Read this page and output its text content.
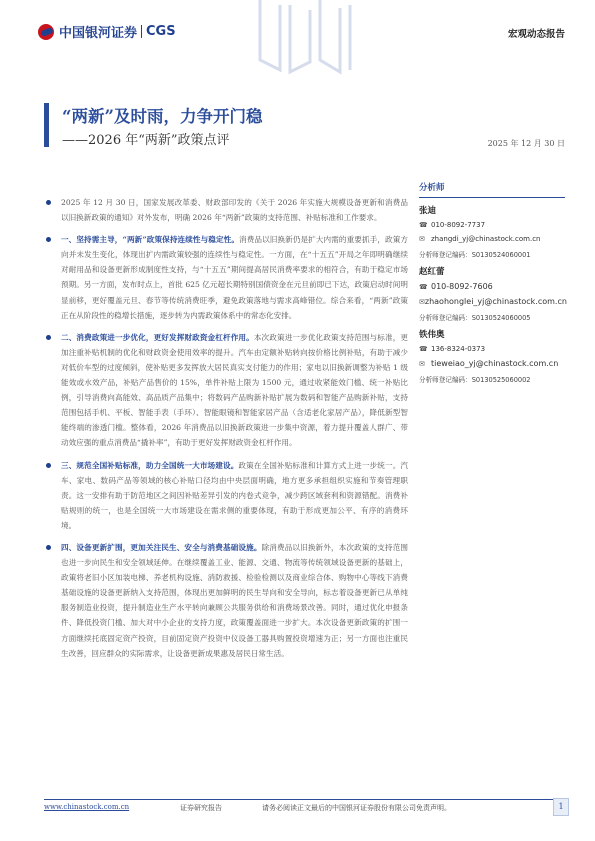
中国银河证券 CGS	宏观动态报告
“两新”及时雨，力争开门稳
——2026 年“两新”政策点评	2025 年 12 月 30 日

2025 年 12 月 30 日，国家发展改革委、财政部印发的《关于 2026 年实施大规模设备更新和消费品以旧换新政策的通知》对外发布，明确 2026 年“两新”政策的支持范围、补贴标准和工作要求。

一、坚持需主导，“两新”政策保持连续性与稳定性。消费品以旧换新仍是扩大内需的重要抓手，政策方向并未发生变化，体现出扩内需政策较强的连续性与稳定性。一方面，在“十五五”开局之年即明确继续对耐用品和设备更新形成制度性支持，与“十五五”期间提高居民消费率要求的相符合，有助于稳定市场预期。另一方面，发布时点上，首批 625 亿元超长期特别国债资金在元旦前即已下达，政策启动时间明显前移，更好覆盖元旦、春节等传统消费旺季，避免政策落地与需求高峰错位。综合来看，“两新”政策正在从阶段性的稳增长措施，逐步转为内需政策体系中的常态化安排。

二、消费政策进一步优化，更好发挥财政资金杠杆作用。本次政策进一步优化政策支持范围与标准，更加注重补贴机制的优化和财政资金使用效率的提升。汽车由定额补贴转向按价格比例补贴，有助于减少对低价车型的过度倾斜，使补贴更多发挥放大居民真实支付能力的作用；家电以旧换新调整为补贴 1 级能效或水效产品，补贴产品售价的 15%，单件补贴上限为 1500 元，通过收紧能效门槛、统一补贴比例，引导消费向高能效、高品质产品集中；将数码产品购新补贴扩展为数码和智能产品购新补贴，支持范围包括手机、平板、智能手表（手环）、智能眼镜和智能家居产品（含适老化家居产品），降低新型智能终端的渗透门槛。整体看，2026 年消费品以旧换新政策进一步集中资源，着力提升覆盖人群广、带动效应强的重点消费品“撬补率”，有助于更好发挥财政资金杠杆作用。

三、规范全国补贴标准，助力全国统一大市场建设。政策在全国补贴标准和计算方式上进一步统一。汽车、家电、数码产品等领域的核心补贴口径均由中央层面明确，地方更多承担组织实施和节奏管理职责。这一安排有助于防范地区之间因补贴差异引发的内卷式竞争，减少跨区域套利和资源错配。消费补贴规则的统一，也是全国统一大市场建设在需求侧的重要体现，有助于形成更加公平、有序的消费环境。

四、设备更新扩围，更加关注民生、安全与消费基础设施。除消费品以旧换新外，本次政策的支持范围也进一步向民生和安全领域延伸。在继续覆盖工业、能源、交通、物流等传统领域设备更新的基础上，政策将老旧小区加装电梯、养老机构设施、消防救援、检验检测以及商业综合体、购物中心等线下消费基础设施的设备更新纳入支持范围，体现出更加鲜明的民生导向和安全导向，标志着设备更新已从单纯服务制造业投资，提升制造业生产水平转向兼顾公共服务供给和消费场景改善。同时，通过优化申报条件、降低投资门槛、加大对中小企业的支持力度，政策覆盖面进一步扩大。本次设备更新政策的扩围一方面继续托底固定资产投资，目前固定资产投资中仪设备工器具购置投资增速为正；另一方面也注重民生改善，回应群众的实际需求，让设备更新成果惠及居民日常生活。

分析师
张迪
☎ 010-8092-7737
✉ zhangdi_yj@chinastock.com.cn
分析师登记编码：S0130524060001
赵红蕾
☎ 010-8092-7606
✉ zhaohonglei_yj@chinastock.com.cn
分析师登记编码：S0130524060005
铁伟奥
☎ 136-8324-0373
✉ tieweiao_yj@chinastock.com.cn
分析师登记编码：S0130525060002
www.chinastock.com.cn	证券研究报告	请务必阅读正文最后的中国银河证券股份有限公司免责声明。	1
